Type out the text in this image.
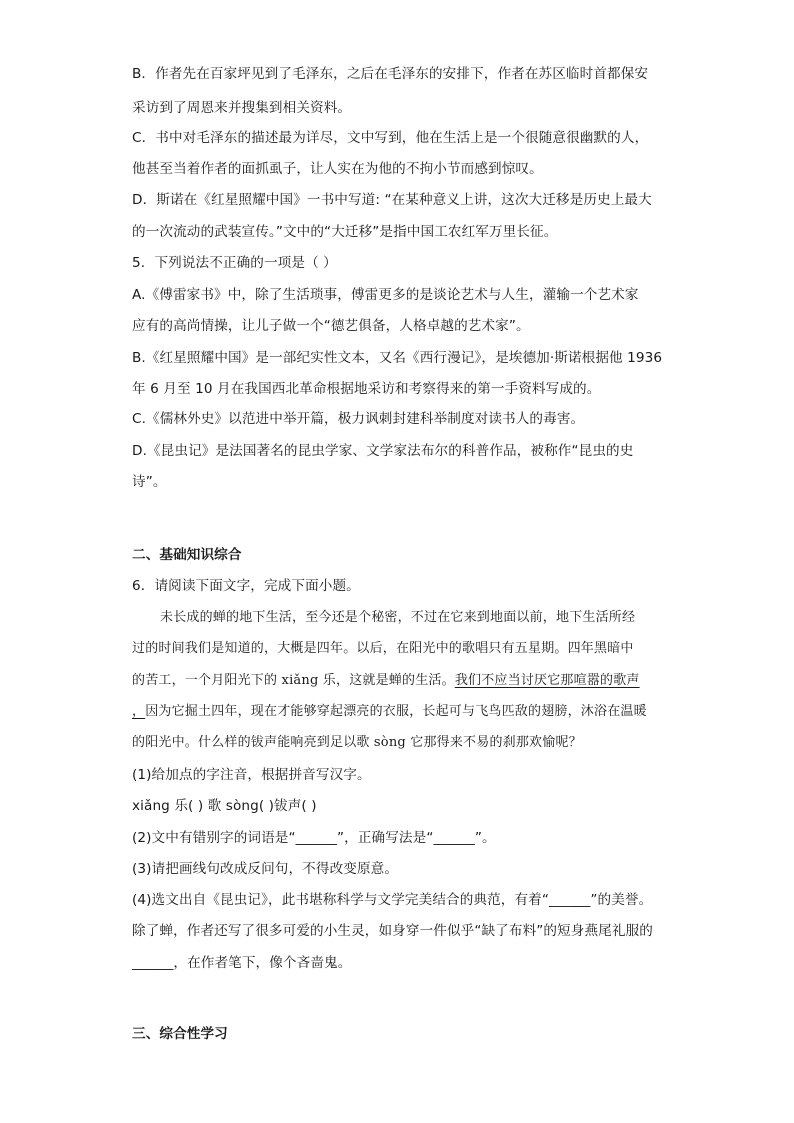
B．作者先在百家坪见到了毛泽东，之后在毛泽东的安排下，作者在苏区临时首都保安
采访到了周恩来并搜集到相关资料。
C．书中对毛泽东的描述最为详尽，文中写到，他在生活上是一个很随意很幽默的人，
他甚至当着作者的面抓虱子，让人实在为他的不拘小节而感到惊叹。
D．斯诺在《红星照耀中国》一书中写道: “在某种意义上讲，这次大迁移是历史上最大
的一次流动的武装宣传。”文中的“大迁移”是指中国工农红军万里长征。
5．下列说法不正确的一项是（ ）
A.《傅雷家书》中，除了生活琐事，傅雷更多的是谈论艺术与人生，灌输一个艺术家
应有的高尚情操，让儿子做一个“德艺俱备，人格卓越的艺术家”。
B.《红星照耀中国》是一部纪实性文本，又名《西行漫记》，是埃德加·斯诺根据他 1936
年 6 月至 10 月在我国西北革命根据地采访和考察得来的第一手资料写成的。
C.《儒林外史》以范进中举开篇，极力讽刺封建科举制度对读书人的毒害。
D.《昆虫记》是法国著名的昆虫学家、文学家法布尔的科普作品，被称作“昆虫的史
诗”。
二、基础知识综合
6．请阅读下面文字，完成下面小题。
未长成的蝉的地下生活，至今还是个秘密，不过在它来到地面以前，地下生活所经
过的时间我们是知道的，大概是四年。以后，在阳光中的歌唱只有五星期。四年黑暗中
的苦工，一个月阳光下的 xiǎng 乐，这就是蝉的生活。我们不应当讨厌它那喧嚣的歌声
，因为它掘土四年，现在才能够穿起漂亮的衣服，长起可与飞鸟匹敌的翅膀，沐浴在温暖
的阳光中。什么样的钹声能响亮到足以歌 sòng 它那得来不易的刹那欢愉呢？
(1)给加点的字注音，根据拼音写汉字。
xiǎng 乐( ) 歌 sòng( )钹声( )
(2)文中有错别字的词语是“______”，正确写法是“______”。
(3)请把画线句改成反问句，不得改变原意。
(4)选文出自《昆虫记》，此书堪称科学与文学完美结合的典范，有着“______”的美誉。
除了蝉，作者还写了很多可爱的小生灵，如身穿一件似乎“缺了布料”的短身燕尾礼服的
______，在作者笔下，像个吝啬鬼。
三、综合性学习
